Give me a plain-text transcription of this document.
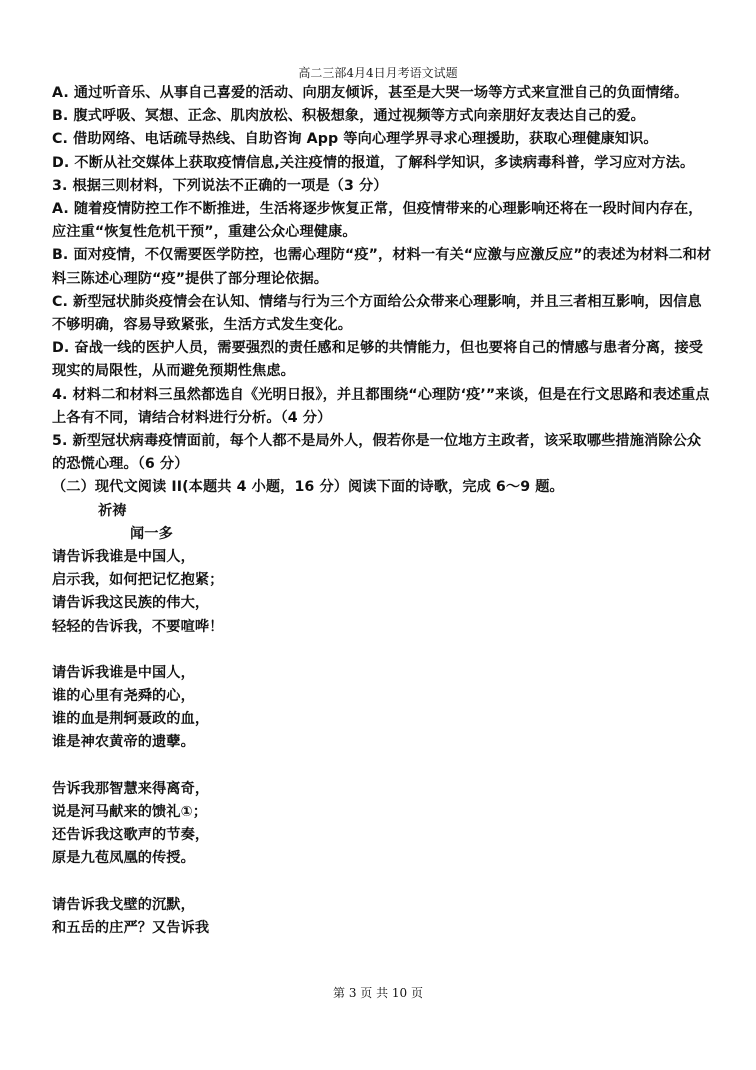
高二三部4月4日月考语文试题

A. 通过听音乐、从事自己喜爱的活动、向朋友倾诉，甚至是大哭一场等方式来宣泄自己的负面情绪。

B. 腹式呼吸、冥想、正念、肌肉放松、积极想象，通过视频等方式向亲朋好友表达自己的爱。

C. 借助网络、电话疏导热线、自助咨询 App 等向心理学界寻求心理援助，获取心理健康知识。

D. 不断从社交媒体上获取疫情信息,关注疫情的报道，了解科学知识，多读病毒科普，学习应对方法。

3. 根据三则材料，下列说法不正确的一项是（3 分）

A. 随着疫情防控工作不断推进，生活将逐步恢复正常，但疫情带来的心理影响还将在一段时间内存在，应注重“恢复性危机干预”，重建公众心理健康。

B. 面对疫情，不仅需要医学防控，也需心理防“疫”，材料一有关“应激与应激反应”的表述为材料二和材料三陈述心理防“疫”提供了部分理论依据。

C. 新型冠状肺炎疫情会在认知、情绪与行为三个方面给公众带来心理影响，并且三者相互影响，因信息不够明确，容易导致紧张，生活方式发生变化。

D. 奋战一线的医护人员，需要强烈的责任感和足够的共情能力，但也要将自己的情感与患者分离，接受现实的局限性，从而避免预期性焦虑。

4. 材料二和材料三虽然都选自《光明日报》，并且都围绕“心理防‘疫’”来谈，但是在行文思路和表述重点上各有不同，请结合材料进行分析。（4 分）

5. 新型冠状病毒疫情面前，每个人都不是局外人，假若你是一位地方主政者，该采取哪些措施消除公众的恐慌心理。（6 分）

（二）现代文阅读 II(本题共 4 小题，16 分）阅读下面的诗歌，完成 6～9 题。

祈祷

闻一多

请告诉我谁是中国人，

启示我，如何把记忆抱紧；

请告诉我这民族的伟大，

轻轻的告诉我，不要喧哗！

请告诉我谁是中国人，

谁的心里有尧舜的心，

谁的血是荆轲聂政的血，

谁是神农黄帝的遗孽。

告诉我那智慧来得离奇，

说是河马献来的馈礼①；

还告诉我这歌声的节奏，

原是九苞凤凰的传授。

请告诉我戈壁的沉默，

和五岳的庄严？又告诉我

第 3 页 共 10 页
